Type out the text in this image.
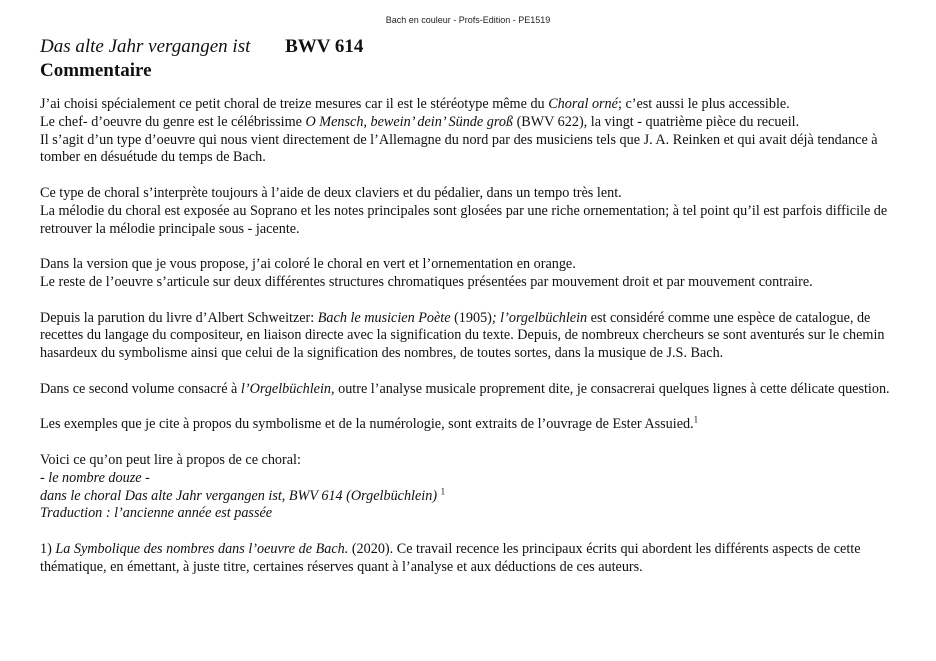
Bach en couleur - Profs-Edition - PE1519
Das alte Jahr vergangen ist BWV 614
Commentaire

J’ai choisi spécialement ce petit choral de treize mesures car il est le stéréotype même du Choral orné; c’est aussi le plus accessible.
Le chef- d’oeuvre du genre est le célébrissime O Mensch, bewein’ dein’ Sünde groß (BWV 622), la vingt - quatrième pièce du recueil.
Il s’agit d’un type d’oeuvre qui nous vient directement de l’Allemagne du nord par des musiciens tels que J. A. Reinken et qui avait déjà tendance à tomber en désuétude du temps de Bach.

Ce type de choral s’interprète toujours à l’aide de deux claviers et du pédalier, dans un tempo très lent.
La mélodie du choral est exposée au Soprano et les notes principales sont glosées par une riche ornementation; à tel point qu’il est parfois difficile de retrouver la mélodie principale sous - jacente.

Dans la version que je vous propose, j’ai coloré le choral en vert et l’ornementation en orange.
Le reste de l’oeuvre s’articule sur deux différentes structures chromatiques présentées par mouvement droit et par mouvement contraire.

Depuis la parution du livre d’Albert Schweitzer: Bach le musicien Poète (1905); l’orgelbüchlein est considéré comme une espèce de catalogue, de recettes du langage du compositeur, en liaison directe avec la signification du texte. Depuis, de nombreux chercheurs se sont aventurés sur le chemin hasardeux du symbolisme ainsi que celui de la signification des nombres, de toutes sortes, dans la musique de J.S. Bach.

Dans ce second volume consacré à l’Orgelbüchlein, outre l’analyse musicale proprement dite, je consacrerai quelques lignes à cette délicate question.

Les exemples que je cite à propos du symbolisme et de la numérologie, sont extraits de l’ouvrage de Ester Assuied.$^1$

Voici ce qu’on peut lire à propos de ce choral:
- le nombre douze -
dans le choral Das alte Jahr vergangen ist, BWV 614 (Orgelbüchlein) $^1$
Traduction : l’ancienne année est passée

1) La Symbolique des nombres dans l’oeuvre de Bach. (2020). Ce travail recence les principaux écrits qui abordent les différents aspects de cette thématique, en émettant, à juste titre, certaines réserves quant à l’analyse et aux déductions de ces auteurs.
